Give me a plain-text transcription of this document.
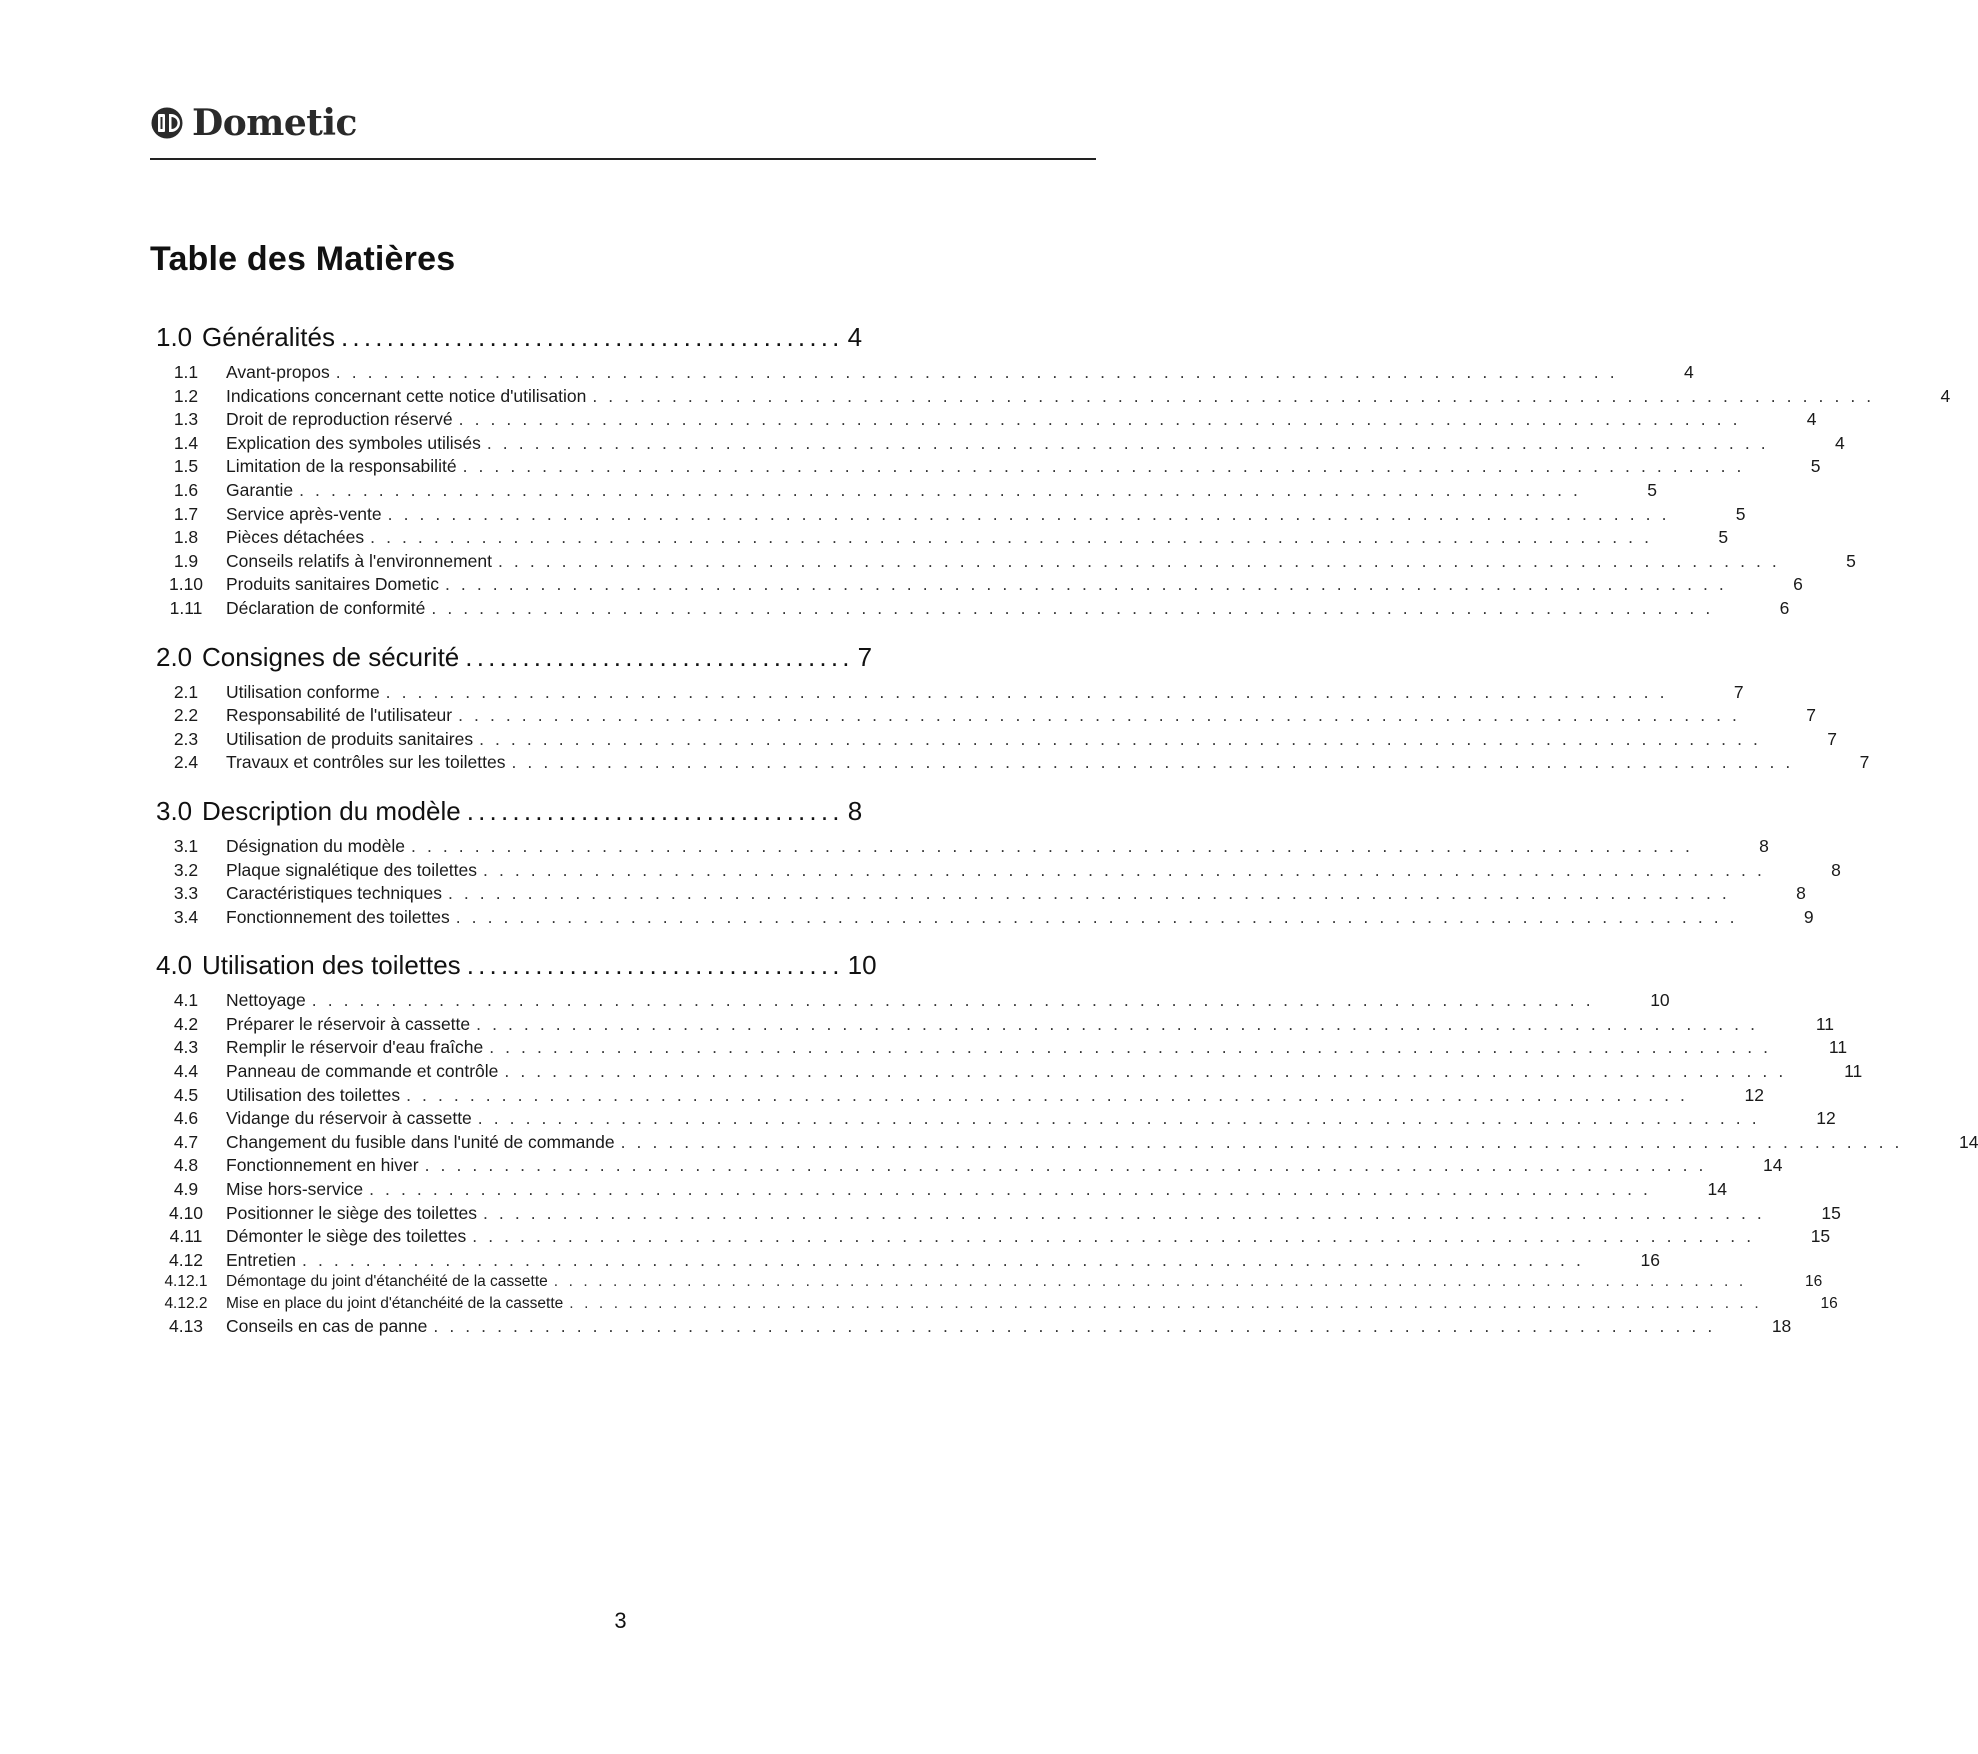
Dometic
Table des Matières
1.0 Généralités ............................................ 4
1.1	Avant-propos . . . . . . . . . . . . . . . . . . . . . . . . . . . . . . . . . . . . . . . . . . . . . . . . . . . . . . . . . . . . . . . . . . . . . . . . . . . . . . . . .	4
1.2	Indications concernant cette notice d'utilisation . . . . . . . . . . . . . . . . . . . . . . . . . . . . . . . . . . . . . . . . . . . . . . . . . . . . . . . . . . . . . . . . . . . . . . . . . . . . . . . . .	4
1.3	Droit de reproduction réservé . . . . . . . . . . . . . . . . . . . . . . . . . . . . . . . . . . . . . . . . . . . . . . . . . . . . . . . . . . . . . . . . . . . . . . . . . . . . . . . . .	4
1.4	Explication des symboles utilisés . . . . . . . . . . . . . . . . . . . . . . . . . . . . . . . . . . . . . . . . . . . . . . . . . . . . . . . . . . . . . . . . . . . . . . . . . . . . . . . . .	4
1.5	Limitation de la responsabilité . . . . . . . . . . . . . . . . . . . . . . . . . . . . . . . . . . . . . . . . . . . . . . . . . . . . . . . . . . . . . . . . . . . . . . . . . . . . . . . . .	5
1.6	Garantie . . . . . . . . . . . . . . . . . . . . . . . . . . . . . . . . . . . . . . . . . . . . . . . . . . . . . . . . . . . . . . . . . . . . . . . . . . . . . . . . .	5
1.7	Service après-vente . . . . . . . . . . . . . . . . . . . . . . . . . . . . . . . . . . . . . . . . . . . . . . . . . . . . . . . . . . . . . . . . . . . . . . . . . . . . . . . . .	5
1.8	Pièces détachées . . . . . . . . . . . . . . . . . . . . . . . . . . . . . . . . . . . . . . . . . . . . . . . . . . . . . . . . . . . . . . . . . . . . . . . . . . . . . . . . .	5
1.9	Conseils relatifs à l'environnement . . . . . . . . . . . . . . . . . . . . . . . . . . . . . . . . . . . . . . . . . . . . . . . . . . . . . . . . . . . . . . . . . . . . . . . . . . . . . . . . .	5
1.10	Produits sanitaires Dometic . . . . . . . . . . . . . . . . . . . . . . . . . . . . . . . . . . . . . . . . . . . . . . . . . . . . . . . . . . . . . . . . . . . . . . . . . . . . . . . . .	6
1.11	Déclaration de conformité . . . . . . . . . . . . . . . . . . . . . . . . . . . . . . . . . . . . . . . . . . . . . . . . . . . . . . . . . . . . . . . . . . . . . . . . . . . . . . . . .	6
2.0 Consignes de sécurité .................................. 7
2.1	Utilisation conforme . . . . . . . . . . . . . . . . . . . . . . . . . . . . . . . . . . . . . . . . . . . . . . . . . . . . . . . . . . . . . . . . . . . . . . . . . . . . . . . . .	7
2.2	Responsabilité de l'utilisateur . . . . . . . . . . . . . . . . . . . . . . . . . . . . . . . . . . . . . . . . . . . . . . . . . . . . . . . . . . . . . . . . . . . . . . . . . . . . . . . . .	7
2.3	Utilisation de produits sanitaires . . . . . . . . . . . . . . . . . . . . . . . . . . . . . . . . . . . . . . . . . . . . . . . . . . . . . . . . . . . . . . . . . . . . . . . . . . . . . . . . .	7
2.4	Travaux et contrôles sur les toilettes . . . . . . . . . . . . . . . . . . . . . . . . . . . . . . . . . . . . . . . . . . . . . . . . . . . . . . . . . . . . . . . . . . . . . . . . . . . . . . . . .	7
3.0 Description du modèle ................................. 8
3.1	Désignation du modèle . . . . . . . . . . . . . . . . . . . . . . . . . . . . . . . . . . . . . . . . . . . . . . . . . . . . . . . . . . . . . . . . . . . . . . . . . . . . . . . . .	8
3.2	Plaque signalétique des toilettes . . . . . . . . . . . . . . . . . . . . . . . . . . . . . . . . . . . . . . . . . . . . . . . . . . . . . . . . . . . . . . . . . . . . . . . . . . . . . . . . .	8
3.3	Caractéristiques techniques . . . . . . . . . . . . . . . . . . . . . . . . . . . . . . . . . . . . . . . . . . . . . . . . . . . . . . . . . . . . . . . . . . . . . . . . . . . . . . . . .	8
3.4	Fonctionnement des toilettes . . . . . . . . . . . . . . . . . . . . . . . . . . . . . . . . . . . . . . . . . . . . . . . . . . . . . . . . . . . . . . . . . . . . . . . . . . . . . . . . .	9
4.0 Utilisation des toilettes ................................. 10
4.1	Nettoyage . . . . . . . . . . . . . . . . . . . . . . . . . . . . . . . . . . . . . . . . . . . . . . . . . . . . . . . . . . . . . . . . . . . . . . . . . . . . . . . . .	10
4.2	Préparer le réservoir à cassette . . . . . . . . . . . . . . . . . . . . . . . . . . . . . . . . . . . . . . . . . . . . . . . . . . . . . . . . . . . . . . . . . . . . . . . . . . . . . . . . .	11
4.3	Remplir le réservoir d'eau fraîche . . . . . . . . . . . . . . . . . . . . . . . . . . . . . . . . . . . . . . . . . . . . . . . . . . . . . . . . . . . . . . . . . . . . . . . . . . . . . . . . .	11
4.4	Panneau de commande et contrôle . . . . . . . . . . . . . . . . . . . . . . . . . . . . . . . . . . . . . . . . . . . . . . . . . . . . . . . . . . . . . . . . . . . . . . . . . . . . . . . . .	11
4.5	Utilisation des toilettes . . . . . . . . . . . . . . . . . . . . . . . . . . . . . . . . . . . . . . . . . . . . . . . . . . . . . . . . . . . . . . . . . . . . . . . . . . . . . . . . .	12
4.6	Vidange du réservoir à cassette . . . . . . . . . . . . . . . . . . . . . . . . . . . . . . . . . . . . . . . . . . . . . . . . . . . . . . . . . . . . . . . . . . . . . . . . . . . . . . . . .	12
4.7	Changement du fusible dans l'unité de commande . . . . . . . . . . . . . . . . . . . . . . . . . . . . . . . . . . . . . . . . . . . . . . . . . . . . . . . . . . . . . . . . . . . . . . . . . . . . . . . . .	14
4.8	Fonctionnement en hiver . . . . . . . . . . . . . . . . . . . . . . . . . . . . . . . . . . . . . . . . . . . . . . . . . . . . . . . . . . . . . . . . . . . . . . . . . . . . . . . . .	14
4.9	Mise hors-service . . . . . . . . . . . . . . . . . . . . . . . . . . . . . . . . . . . . . . . . . . . . . . . . . . . . . . . . . . . . . . . . . . . . . . . . . . . . . . . . .	14
4.10	Positionner le siège des toilettes . . . . . . . . . . . . . . . . . . . . . . . . . . . . . . . . . . . . . . . . . . . . . . . . . . . . . . . . . . . . . . . . . . . . . . . . . . . . . . . . .	15
4.11	Démonter le siège des toilettes . . . . . . . . . . . . . . . . . . . . . . . . . . . . . . . . . . . . . . . . . . . . . . . . . . . . . . . . . . . . . . . . . . . . . . . . . . . . . . . . .	15
4.12	Entretien . . . . . . . . . . . . . . . . . . . . . . . . . . . . . . . . . . . . . . . . . . . . . . . . . . . . . . . . . . . . . . . . . . . . . . . . . . . . . . . . .	16
4.12.1	Démontage du joint d'étanchéité de la cassette . . . . . . . . . . . . . . . . . . . . . . . . . . . . . . . . . . . . . . . . . . . . . . . . . . . . . . . . . . . . . . . . . . . . . . . . . . . . . . . . .	16
4.12.2	Mise en place du joint d'étanchéité de la cassette . . . . . . . . . . . . . . . . . . . . . . . . . . . . . . . . . . . . . . . . . . . . . . . . . . . . . . . . . . . . . . . . . . . . . . . . . . . . . . . . .	16
4.13	Conseils en cas de panne . . . . . . . . . . . . . . . . . . . . . . . . . . . . . . . . . . . . . . . . . . . . . . . . . . . . . . . . . . . . . . . . . . . . . . . . . . . . . . . . .	18
3
